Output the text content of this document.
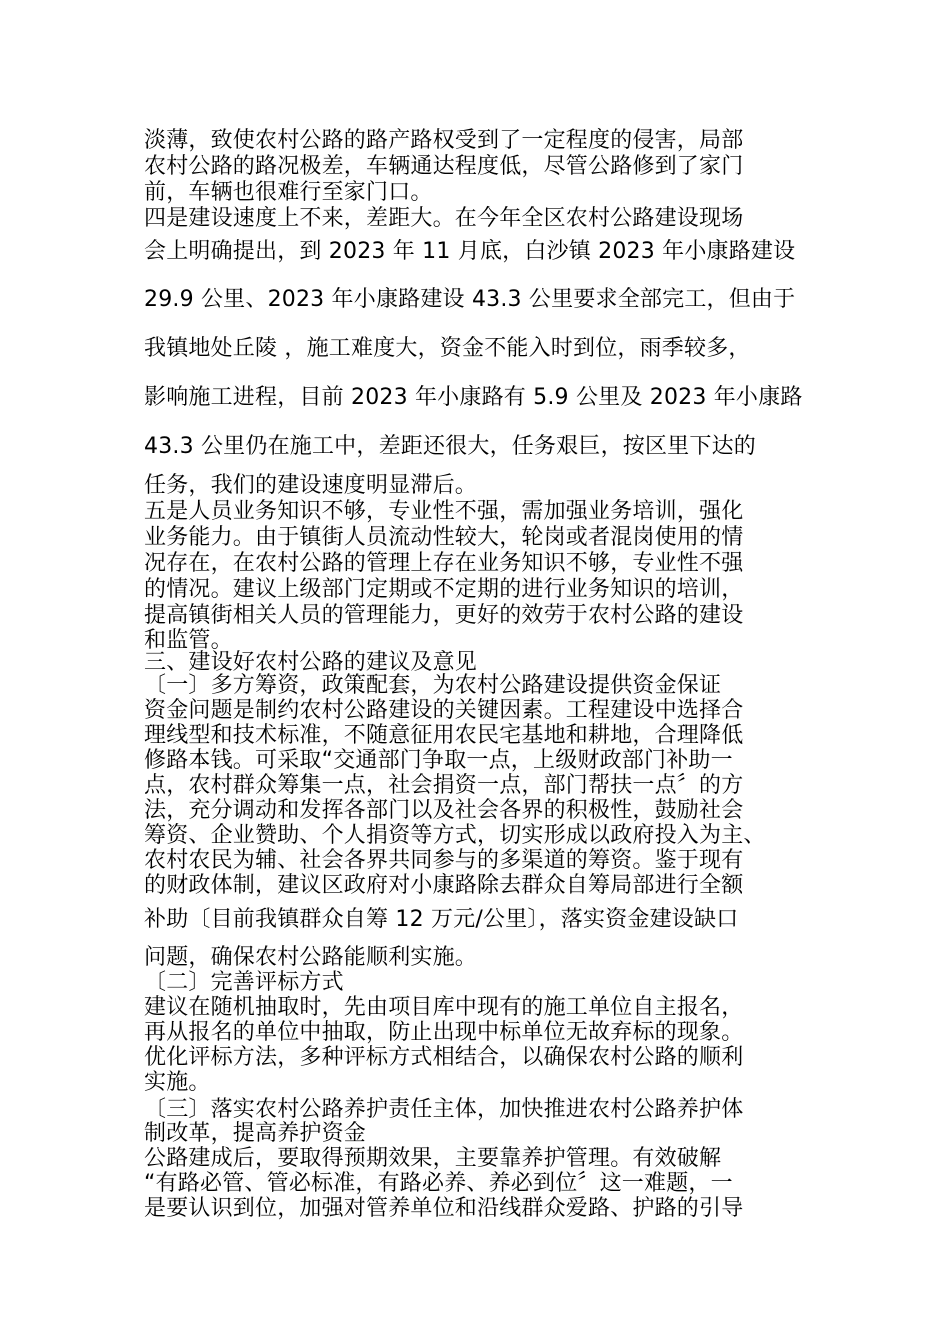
淡薄，致使农村公路的路产路权受到了一定程度的侵害，局部
农村公路的路况极差，车辆通达程度低，尽管公路修到了家门
前，车辆也很难行至家门口。
四是建设速度上不来，差距大。在今年全区农村公路建设现场
会上明确提出，到 2023 年 11 月底，白沙镇 2023 年小康路建设
29.9 公里、2023 年小康路建设 43.3 公里要求全部完工，但由于
我镇地处丘陵 ，施工难度大，资金不能入时到位，雨季较多，
影响施工进程，目前 2023 年小康路有 5.9 公里及 2023 年小康路
43.3 公里仍在施工中，差距还很大，任务艰巨，按区里下达的
任务，我们的建设速度明显滞后。
五是人员业务知识不够，专业性不强，需加强业务培训，强化
业务能力。由于镇街人员流动性较大，轮岗或者混岗使用的情
况存在，在农村公路的管理上存在业务知识不够，专业性不强
的情况。建议上级部门定期或不定期的进行业务知识的培训，
提高镇街相关人员的管理能力，更好的效劳于农村公路的建设
和监管。
三、建设好农村公路的建议及意见
〔一〕多方筹资，政策配套，为农村公路建设提供资金保证
资金问题是制约农村公路建设的关键因素。工程建设中选择合
理线型和技术标准，不随意征用农民宅基地和耕地，合理降低
修路本钱。可采取“交通部门争取一点，上级财政部门补助一
点，农村群众筹集一点，社会捐资一点，部门帮扶一点〞的方
法，充分调动和发挥各部门以及社会各界的积极性，鼓励社会
筹资、企业赞助、个人捐资等方式，切实形成以政府投入为主、
农村农民为辅、社会各界共同参与的多渠道的筹资。鉴于现有
的财政体制，建议区政府对小康路除去群众自筹局部进行全额
补助〔目前我镇群众自筹 12 万元/公里〕，落实资金建设缺口
问题，确保农村公路能顺利实施。
〔二〕完善评标方式
建议在随机抽取时，先由项目库中现有的施工单位自主报名，
再从报名的单位中抽取，防止出现中标单位无故弃标的现象。
优化评标方法，多种评标方式相结合，以确保农村公路的顺利
实施。
〔三〕落实农村公路养护责任主体，加快推进农村公路养护体
制改革，提高养护资金
公路建成后，要取得预期效果，主要靠养护管理。有效破解
“有路必管、管必标准，有路必养、养必到位〞这一难题，一
是要认识到位，加强对管养单位和沿线群众爱路、护路的引导
